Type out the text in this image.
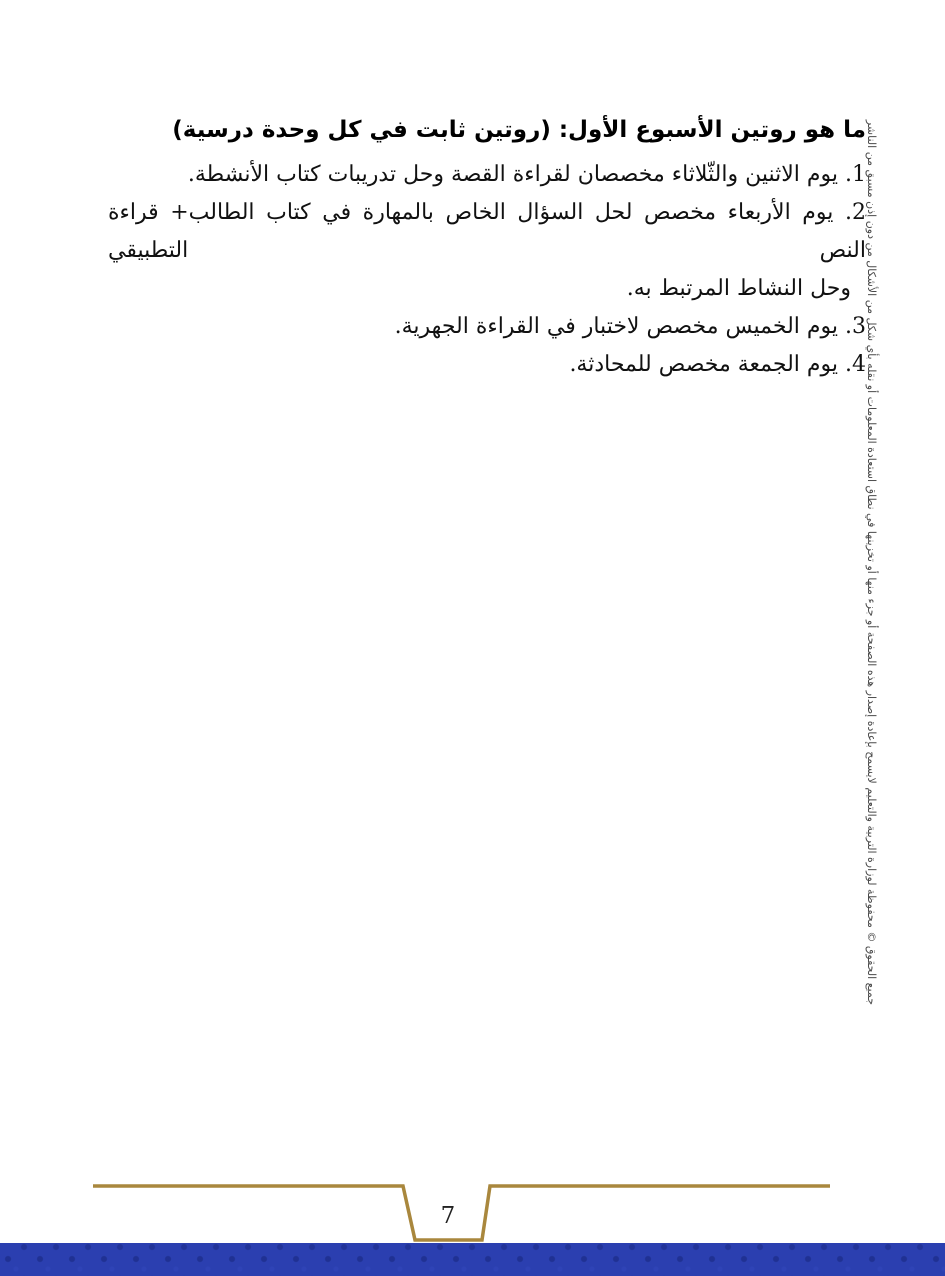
ما هو روتين الأسبوع الأول: (روتين ثابت في كل وحدة درسية)
1. يوم الاثنين والثّلاثاء مخصصان لقراءة القصة وحل تدريبات كتاب الأنشطة.
2. يوم الأربعاء مخصص لحل السؤال الخاص بالمهارة في كتاب الطالب+ قراءة النص التطبيقي
وحل النشاط المرتبط به.
3. يوم الخميس مخصص لاختبار في القراءة الجهرية.
4. يوم الجمعة مخصص للمحادثة. جميع الحقوق © محفوظة لوزارة التربية والتعليم لايسمح بإعادة إصدار هذه الصفحة أو جزء منها أو تخزينها في نطاق استعادة المعلومات أو نقله بأي شكل من الأشكال من دون إذن مسبق من الناشر
7
